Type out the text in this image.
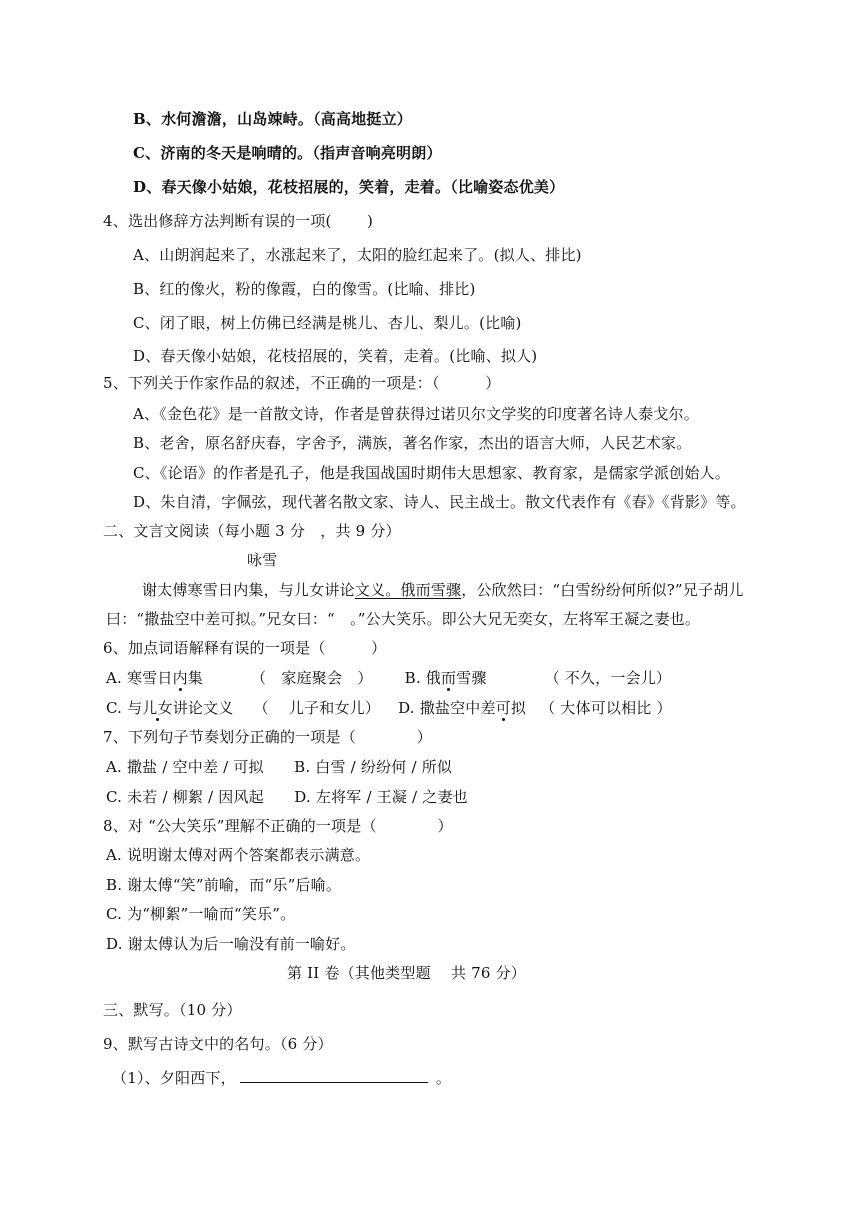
B、水何澹澹，山岛竦峙。（高高地挺立）
C、济南的冬天是响晴的。（指声音响亮明朗）
D、春天像小姑娘，花枝招展的，笑着，走着。（比喻姿态优美）
4、选出修辞方法判断有误的一项(　　 )
A、山朗润起来了，水涨起来了，太阳的脸红起来了。(拟人、排比)
B、红的像火，粉的像霞，白的像雪。(比喻、排比)
C、闭了眼，树上仿佛已经满是桃儿、杏儿、梨儿。(比喻)
D、春天像小姑娘，花枝招展的，笑着，走着。(比喻、拟人)
5、下列关于作家作品的叙述，不正确的一项是：（　　　）
A、《金色花》是一首散文诗，作者是曾获得过诺贝尔文学奖的印度著名诗人泰戈尔。
B、老舍，原名舒庆春，字舍予，满族，著名作家，杰出的语言大师，人民艺术家。
C、《论语》的作者是孔子，他是我国战国时期伟大思想家、教育家，是儒家学派创始人。
D、朱自清，字佩弦，现代著名散文家、诗人、民主战士。散文代表作有《春》《背影》等。
二、文言文阅读（每小题 3 分　，共 9 分）
咏雪
谢太傅寒雪日内集，与儿女讲论文义。俄而雪骤，公欣然曰：“白雪纷纷何所似?”兄子胡儿
曰：“撒盐空中差可拟。”兄女曰：“　。”公大笑乐。即公大兄无奕女，左将军王凝之妻也。
6、加点词语解释有误的一项是（　　　）
A. 寒雪日内集	（　家庭聚会　） B. 俄而雪骤	（ 不久，一会儿）
C. 与儿女讲论文义 （　 儿子和女儿） D. 撒盐空中差可拟 （ 大体可以相比 ）
7、下列句子节奏划分正确的一项是（　　　　）
A. 撒盐 / 空中差 / 可拟　　B. 白雪 / 纷纷何 / 所似
C. 未若 / 柳絮 / 因风起　　D. 左将军 / 王凝 / 之妻也
8、对 “公大笑乐”理解不正确的一项是（　　　　）
A. 说明谢太傅对两个答案都表示满意。
B. 谢太傅“笑”前喻，而“乐”后喻。
C. 为“柳絮”一喻而“笑乐”。
D. 谢太傅认为后一喻没有前一喻好。
第 II 卷（其他类型题　 共 76 分）
三、默写。（10 分）
9、默写古诗文中的名句。（6 分）
（1）、夕阳西下，	。
